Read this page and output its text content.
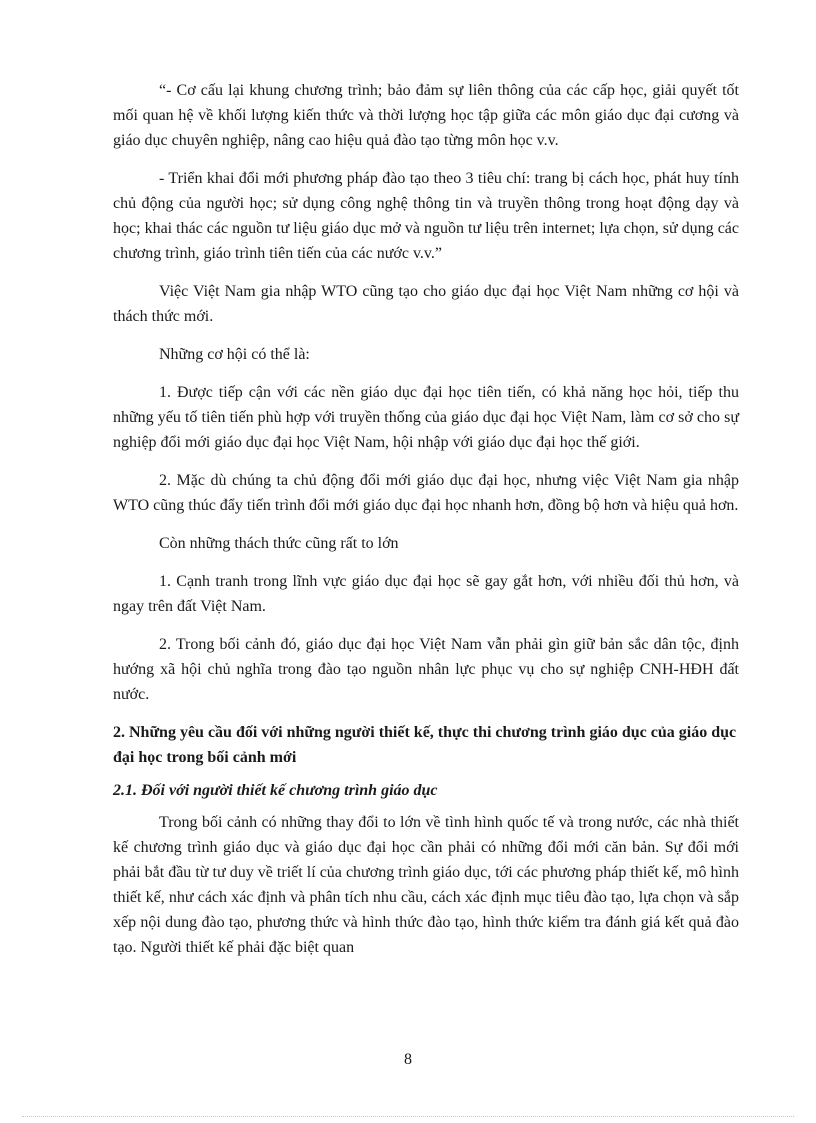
“- Cơ cấu lại khung chương trình; bảo đảm sự liên thông của các cấp học, giải quyết tốt mối quan hệ về khối lượng kiến thức và thời lượng học tập giữa các môn giáo dục đại cương và giáo dục chuyên nghiệp, nâng cao hiệu quả đào tạo từng môn học v.v.

- Triển khai đổi mới phương pháp đào tạo theo 3 tiêu chí: trang bị cách học, phát huy tính chủ động của người học; sử dụng công nghệ thông tin và truyền thông trong hoạt động dạy và học; khai thác các nguồn tư liệu giáo dục mở và nguồn tư liệu trên internet; lựa chọn, sử dụng các chương trình, giáo trình tiên tiến của các nước v.v.”

Việc Việt Nam gia nhập WTO cũng tạo cho giáo dục đại học Việt Nam những cơ hội và thách thức mới.

Những cơ hội có thể là:

1. Được tiếp cận với các nền giáo dục đại học tiên tiến, có khả năng học hỏi, tiếp thu những yếu tố tiên tiến phù hợp với truyền thống của giáo dục đại học Việt Nam, làm cơ sở cho sự nghiệp đổi mới giáo dục đại học Việt Nam, hội nhập với giáo dục đại học thế giới.

2. Mặc dù chúng ta chủ động đổi mới giáo dục đại học, nhưng việc Việt Nam gia nhập WTO cũng thúc đẩy tiến trình đổi mới giáo dục đại học nhanh hơn, đồng bộ hơn và hiệu quả hơn.

Còn những thách thức cũng rất to lớn

1. Cạnh tranh trong lĩnh vực giáo dục đại học sẽ gay gắt hơn, với nhiều đối thủ hơn, và ngay trên đất Việt Nam.

2. Trong bối cảnh đó, giáo dục đại học Việt Nam vẫn phải gìn giữ bản sắc dân tộc, định hướng xã hội chủ nghĩa trong đào tạo nguồn nhân lực phục vụ cho sự nghiệp CNH-HĐH đất nước.

2. Những yêu cầu đối với những người thiết kế, thực thi chương trình giáo dục của giáo dục đại học trong bối cảnh mới
2.1. Đối với người thiết kế chương trình giáo dục

Trong bối cảnh có những thay đổi to lớn về tình hình quốc tế và trong nước, các nhà thiết kế chương trình giáo dục và giáo dục đại học cần phải có những đổi mới căn bản. Sự đổi mới phải bắt đầu từ tư duy về triết lí của chương trình giáo dục, tới các phương pháp thiết kế, mô hình thiết kế, như cách xác định và phân tích nhu cầu, cách xác định mục tiêu đào tạo, lựa chọn và sắp xếp nội dung đào tạo, phương thức và hình thức đào tạo, hình thức kiểm tra đánh giá kết quả đào tạo. Người thiết kế phải đặc biệt quan

8
